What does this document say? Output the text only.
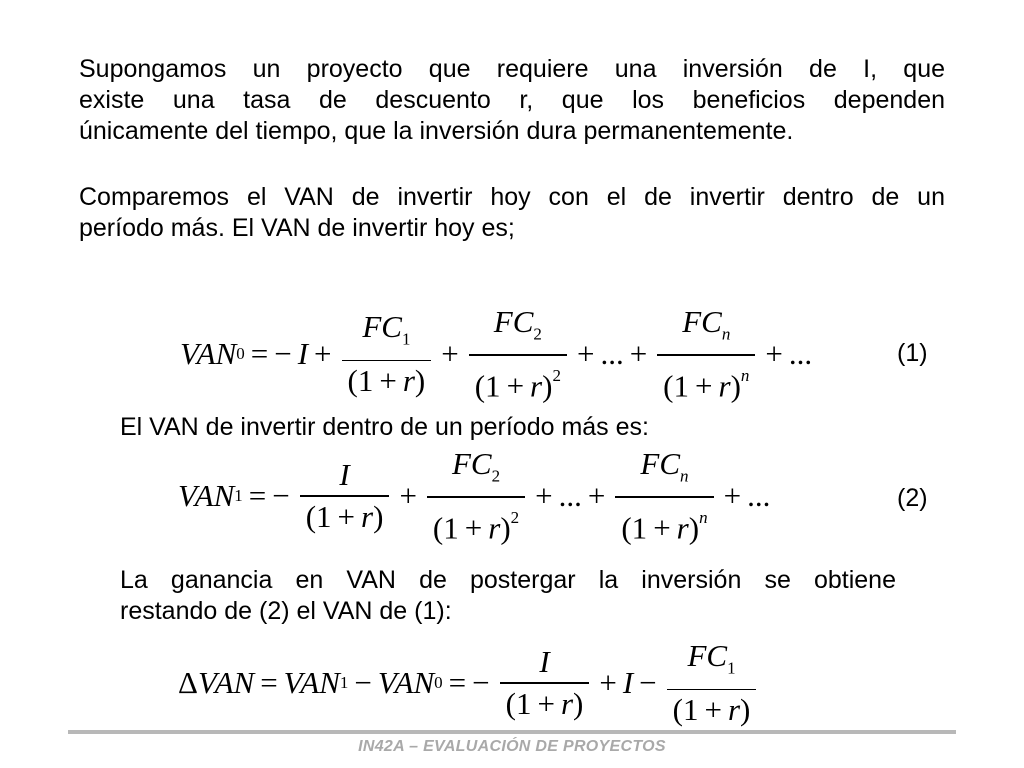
Supongamos un proyecto que requiere una inversión de I, que
existe una tasa de descuento r, que los beneficios dependen
únicamente del tiempo, que la inversión dura permanentemente.
Comparemos el VAN de invertir hoy con el de invertir dentro de un
período más. El VAN de invertir hoy es;
VAN 0 = − $I + \frac{FC_1}{(1 + r)} + \frac{FC_2}{(1 + r)^2}$ + ... + $\frac{FC_n}{(1 + r)^n}$ + ...	(1)
El VAN de invertir dentro de un período más es:
VAN 1 = − $\frac{I}{(1 + r)} + \frac{FC_2}{(1 + r)^2}$ + ... + $\frac{FC_n}{(1 + r)^n}$ + ...	(2)
La ganancia en VAN de postergar la inversión se obtiene
restando de (2) el VAN de (1):
Δ VAN = VAN 1 − VAN 0 = − $\frac{I}{(1 + r)} + I - \frac{FC_1}{(1 + r)}$
IN42A – EVALUACIÓN DE PROYECTOS
